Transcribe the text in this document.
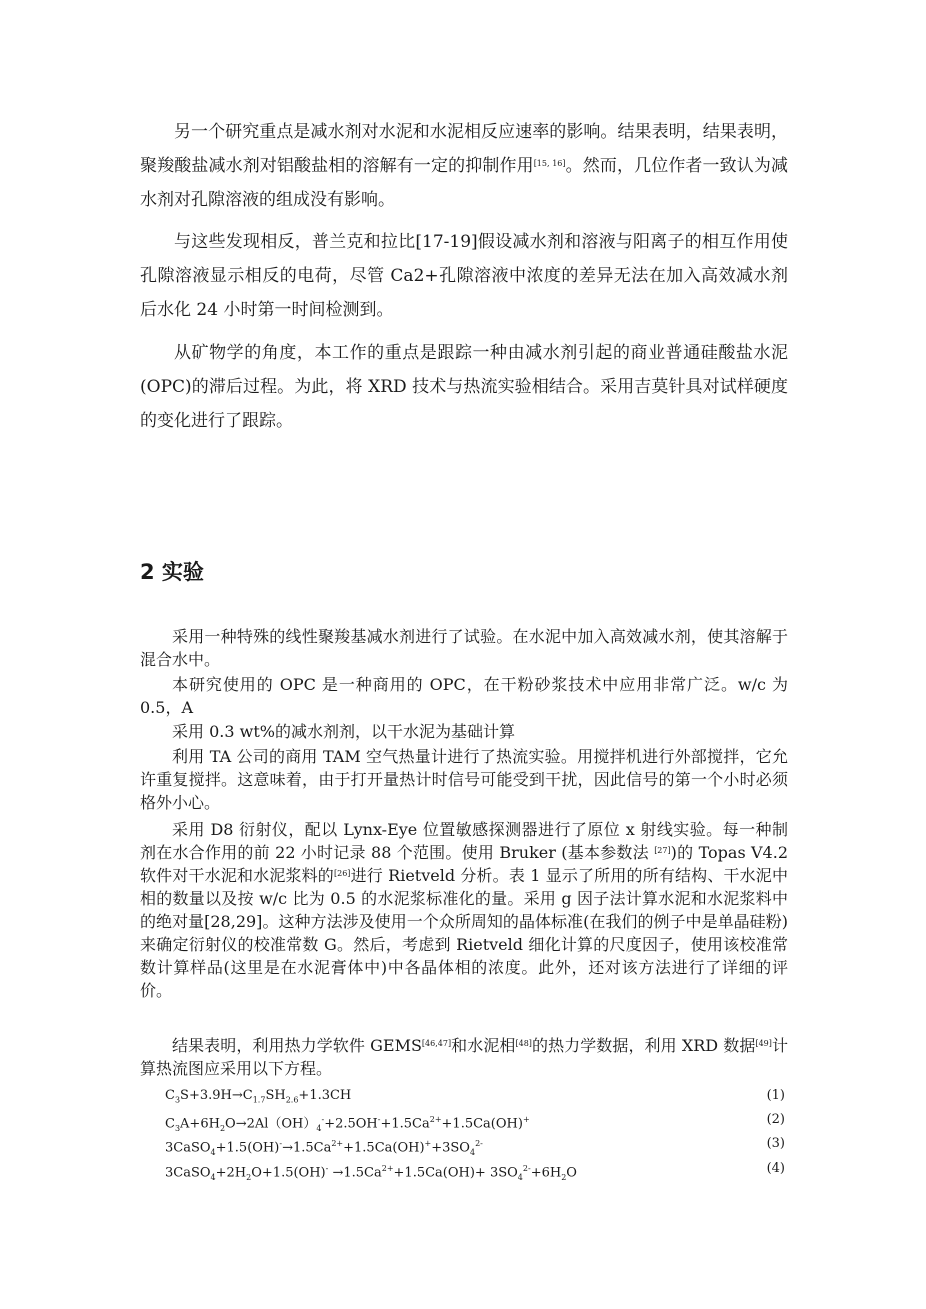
另一个研究重点是减水剂对水泥和水泥相反应速率的影响。结果表明，结果表明，聚羧酸盐减水剂对铝酸盐相的溶解有一定的抑制作用[15, 16]。然而，几位作者一致认为减水剂对孔隙溶液的组成没有影响。

与这些发现相反，普兰克和拉比[17-19]假设减水剂和溶液与阳离子的相互作用使孔隙溶液显示相反的电荷，尽管 Ca2+孔隙溶液中浓度的差异无法在加入高效减水剂后水化 24 小时第一时间检测到。

从矿物学的角度，本工作的重点是跟踪一种由减水剂引起的商业普通硅酸盐水泥(OPC)的滞后过程。为此，将 XRD 技术与热流实验相结合。采用吉莫针具对试样硬度的变化进行了跟踪。

2 实验

采用一种特殊的线性聚羧基减水剂进行了试验。在水泥中加入高效减水剂，使其溶解于混合水中。

本研究使用的 OPC 是一种商用的 OPC，在干粉砂浆技术中应用非常广泛。w/c 为 0.5，A

采用 0.3 wt%的减水剂剂，以干水泥为基础计算

利用 TA 公司的商用 TAM 空气热量计进行了热流实验。用搅拌机进行外部搅拌，它允许重复搅拌。这意味着，由于打开量热计时信号可能受到干扰，因此信号的第一个小时必须格外小心。

采用 D8 衍射仪，配以 Lynx-Eye 位置敏感探测器进行了原位 x 射线实验。每一种制剂在水合作用的前 22 小时记录 88 个范围。使用 Bruker (基本参数法 [27])的 Topas V4.2 软件对干水泥和水泥浆料的[26]进行 Rietveld 分析。表 1 显示了所用的所有结构、干水泥中相的数量以及按 w/c 比为 0.5 的水泥浆标准化的量。采用 g 因子法计算水泥和水泥浆料中的绝对量[28,29]。这种方法涉及使用一个众所周知的晶体标准(在我们的例子中是单晶硅粉)来确定衍射仪的校准常数 G。然后，考虑到 Rietveld 细化计算的尺度因子，使用该校准常数计算样品(这里是在水泥膏体中)中各晶体相的浓度。此外，还对该方法进行了详细的评价。

结果表明，利用热力学软件 GEMS[46,47]和水泥相[48]的热力学数据，利用 XRD 数据[49]计算热流图应采用以下方程。

$C_3S+3.9H\to C_{1.7}SH_{2.6}+1.3CH$	(1)
$C_3A+6H_2O\to 2Al(OH)_4^-+2.5OH^-+1.5Ca^{2+}+1.5Ca(OH)^+$	(2)
$3CaSO_4+1.5(OH)^-\to 1.5Ca^{2+}+1.5Ca(OH)^++3SO_4^{2-}$	(3)
$3CaSO_4+2H_2O+1.5(OH)^- \to 1.5Ca^{2+}+1.5Ca(OH)+ 3SO_4^{2-}+6H_2O$	(4)
